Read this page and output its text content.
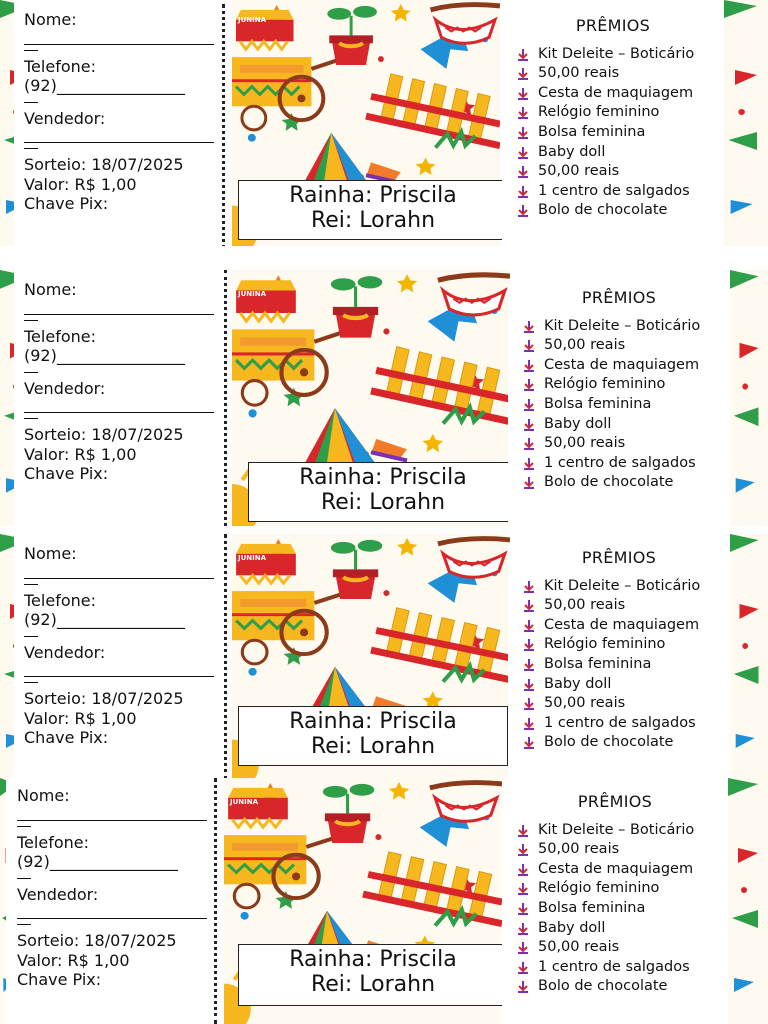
Nome:
Telefone:
(92)________________
Vendedor:
Sorteio: 18/07/2025
Valor: R$ 1,00
Chave Pix:
JUNINA
Rainha: Priscila
Rei: Lorahn
PRÊMIOS
Kit Deleite – Boticário
50,00 reais
Cesta de maquiagem
Relógio feminino
Bolsa feminina
Baby doll
50,00 reais
1 centro de salgados
Bolo de chocolate
Nome:
Telefone:
(92)________________
Vendedor:
Sorteio: 18/07/2025
Valor: R$ 1,00
Chave Pix:
JUNINA
Rainha: Priscila
Rei: Lorahn
PRÊMIOS
Kit Deleite – Boticário
50,00 reais
Cesta de maquiagem
Relógio feminino
Bolsa feminina
Baby doll
50,00 reais
1 centro de salgados
Bolo de chocolate
Nome:
Telefone:
(92)________________
Vendedor:
Sorteio: 18/07/2025
Valor: R$ 1,00
Chave Pix:
JUNINA
Rainha: Priscila
Rei: Lorahn
PRÊMIOS
Kit Deleite – Boticário
50,00 reais
Cesta de maquiagem
Relógio feminino
Bolsa feminina
Baby doll
50,00 reais
1 centro de salgados
Bolo de chocolate
Nome:
Telefone:
(92)________________
Vendedor:
Sorteio: 18/07/2025
Valor: R$ 1,00
Chave Pix:
JUNINA
Rainha: Priscila
Rei: Lorahn
PRÊMIOS
Kit Deleite – Boticário
50,00 reais
Cesta de maquiagem
Relógio feminino
Bolsa feminina
Baby doll
50,00 reais
1 centro de salgados
Bolo de chocolate
